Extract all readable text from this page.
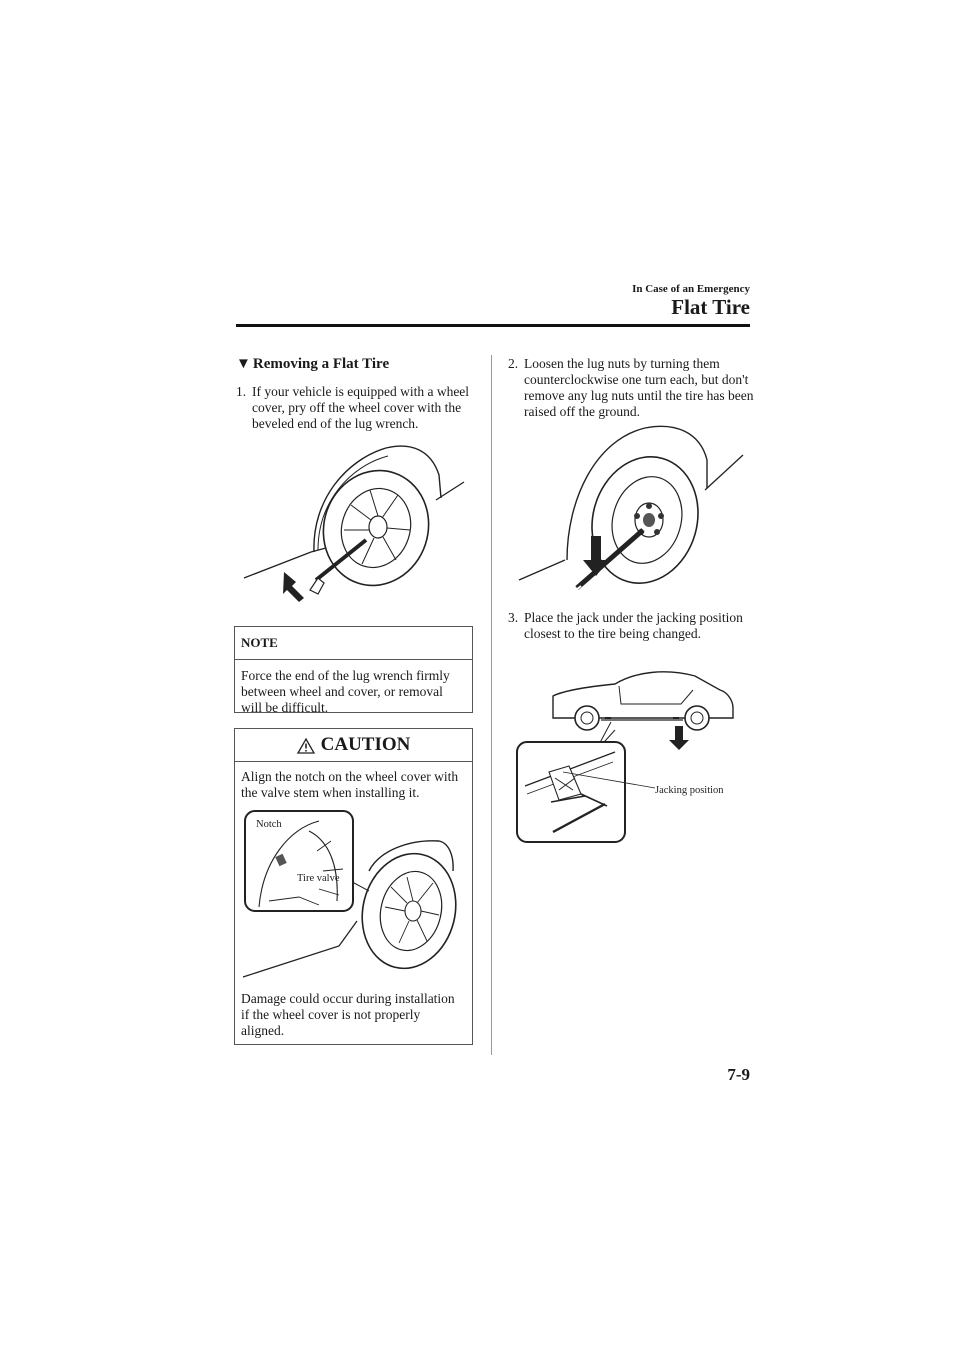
In Case of an Emergency
Flat Tire
▼ Removing a Flat Tire
1. If your vehicle is equipped with a wheel cover, pry off the wheel cover with the beveled end of the lug wrench.
NOTE
Force the end of the lug wrench firmly between wheel and cover, or removal will be difficult.
CAUTION
Align the notch on the wheel cover with the valve stem when installing it.
Damage could occur during installation if the wheel cover is not properly aligned.
Notch
Tire valve
2. Loosen the lug nuts by turning them counterclockwise one turn each, but don't remove any lug nuts until the tire has been raised off the ground.
3. Place the jack under the jacking position closest to the tire being changed.
Jacking position
7-9
